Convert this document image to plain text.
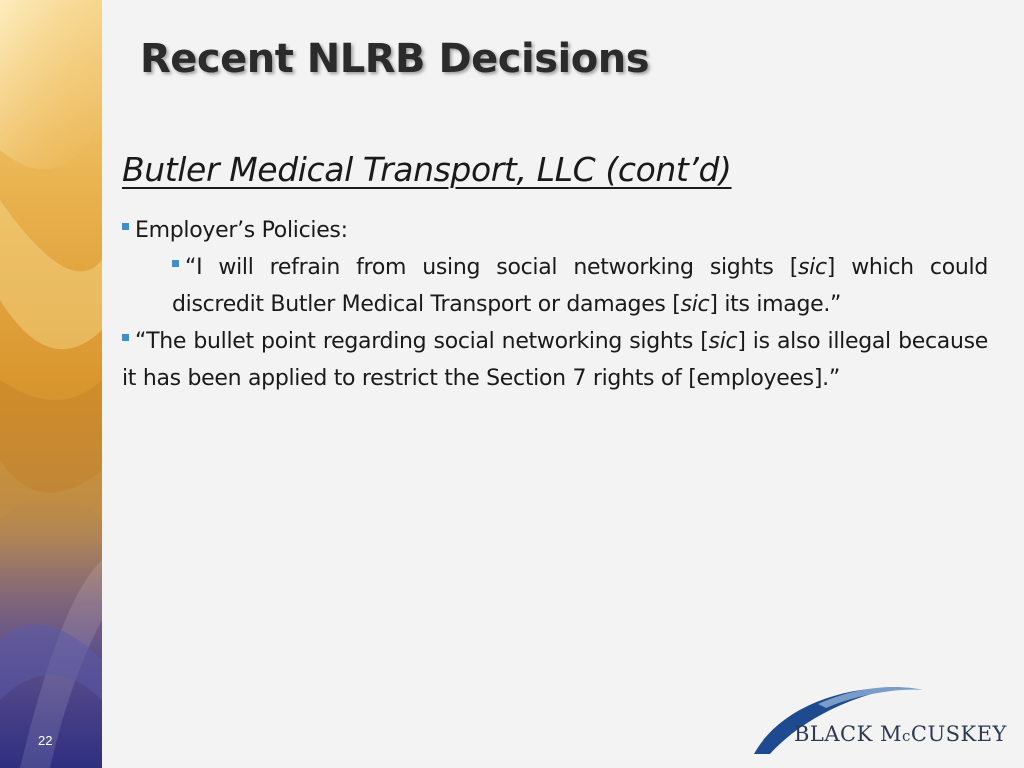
22
Recent NLRB Decisions
Butler Medical Transport, LLC (cont’d)
Employer’s Policies:
“I will refrain from using social networking sights [sic] which could discredit Butler Medical Transport or damages [sic] its image.”
“The bullet point regarding social networking sights [sic] is also illegal because it has been applied to restrict the Section 7 rights of [employees].”
BLACK McCUSKEY
